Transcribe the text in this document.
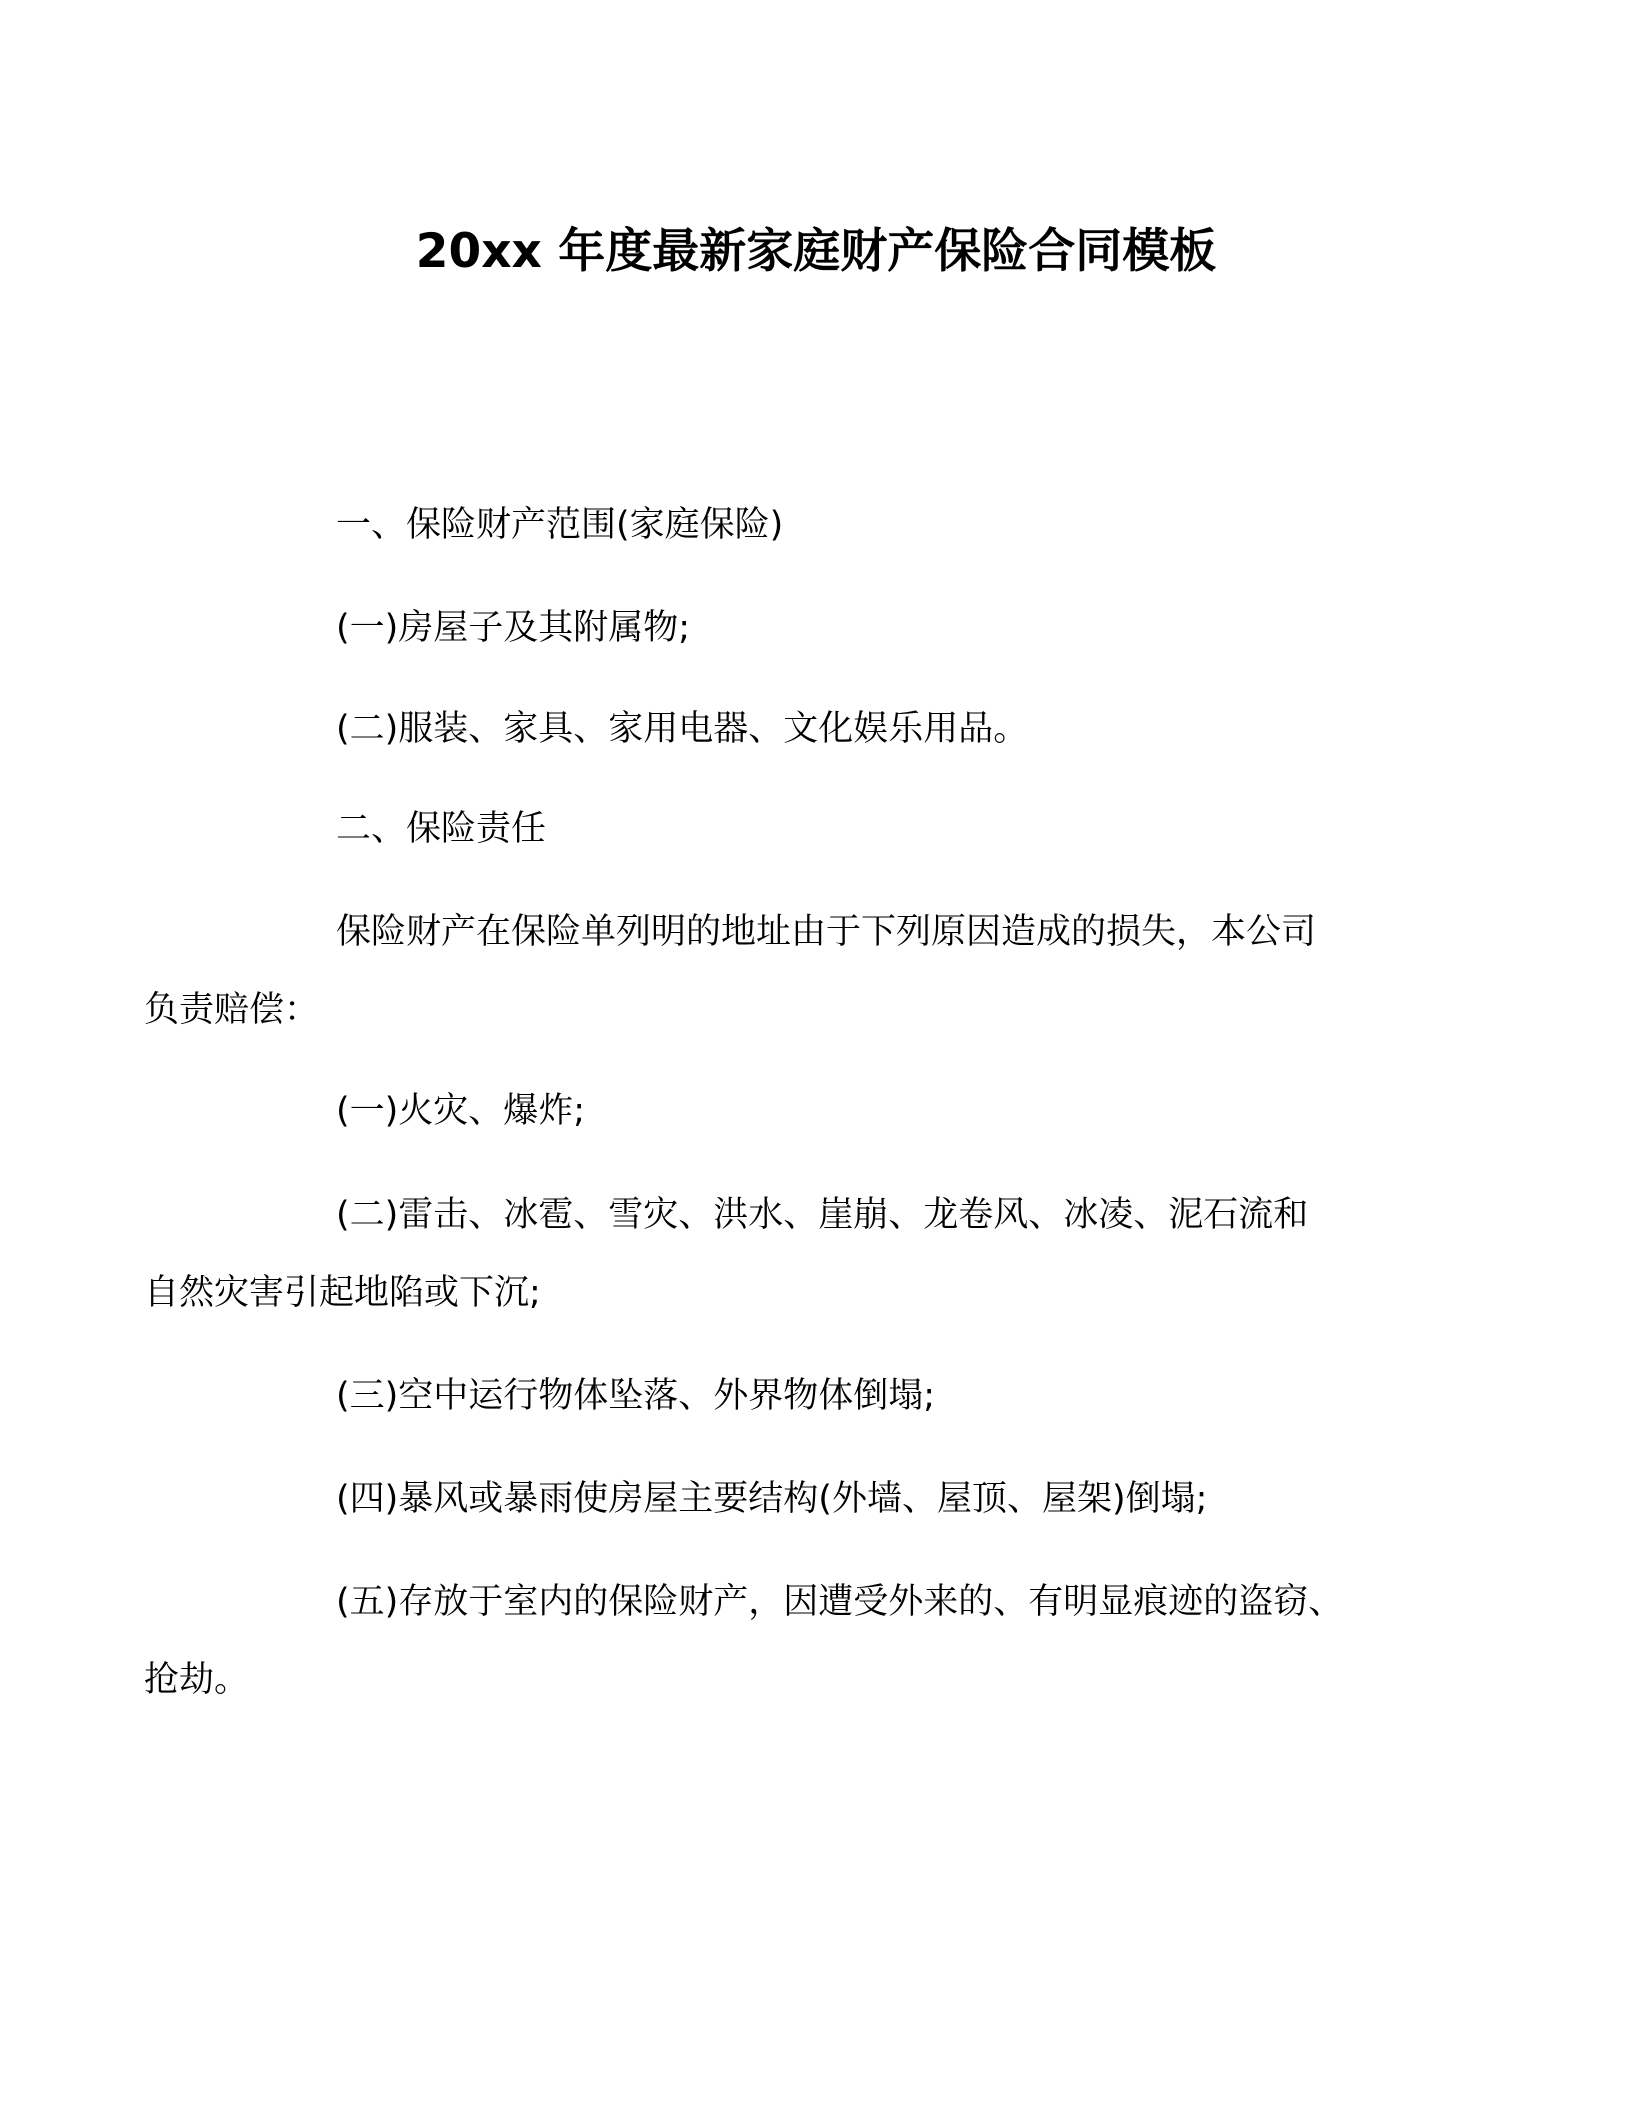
20xx 年度最新家庭财产保险合同模板

一、保险财产范围(家庭保险)

(一)房屋子及其附属物;

(二)服装、家具、家用电器、文化娱乐用品。

二、保险责任

保险财产在保险单列明的地址由于下列原因造成的损失，本公司
负责赔偿：

(一)火灾、爆炸;

(二)雷击、冰雹、雪灾、洪水、崖崩、龙卷风、冰凌、泥石流和
自然灾害引起地陷或下沉;

(三)空中运行物体坠落、外界物体倒塌;

(四)暴风或暴雨使房屋主要结构(外墙、屋顶、屋架)倒塌;

(五)存放于室内的保险财产，因遭受外来的、有明显痕迹的盗窃、
抢劫。
